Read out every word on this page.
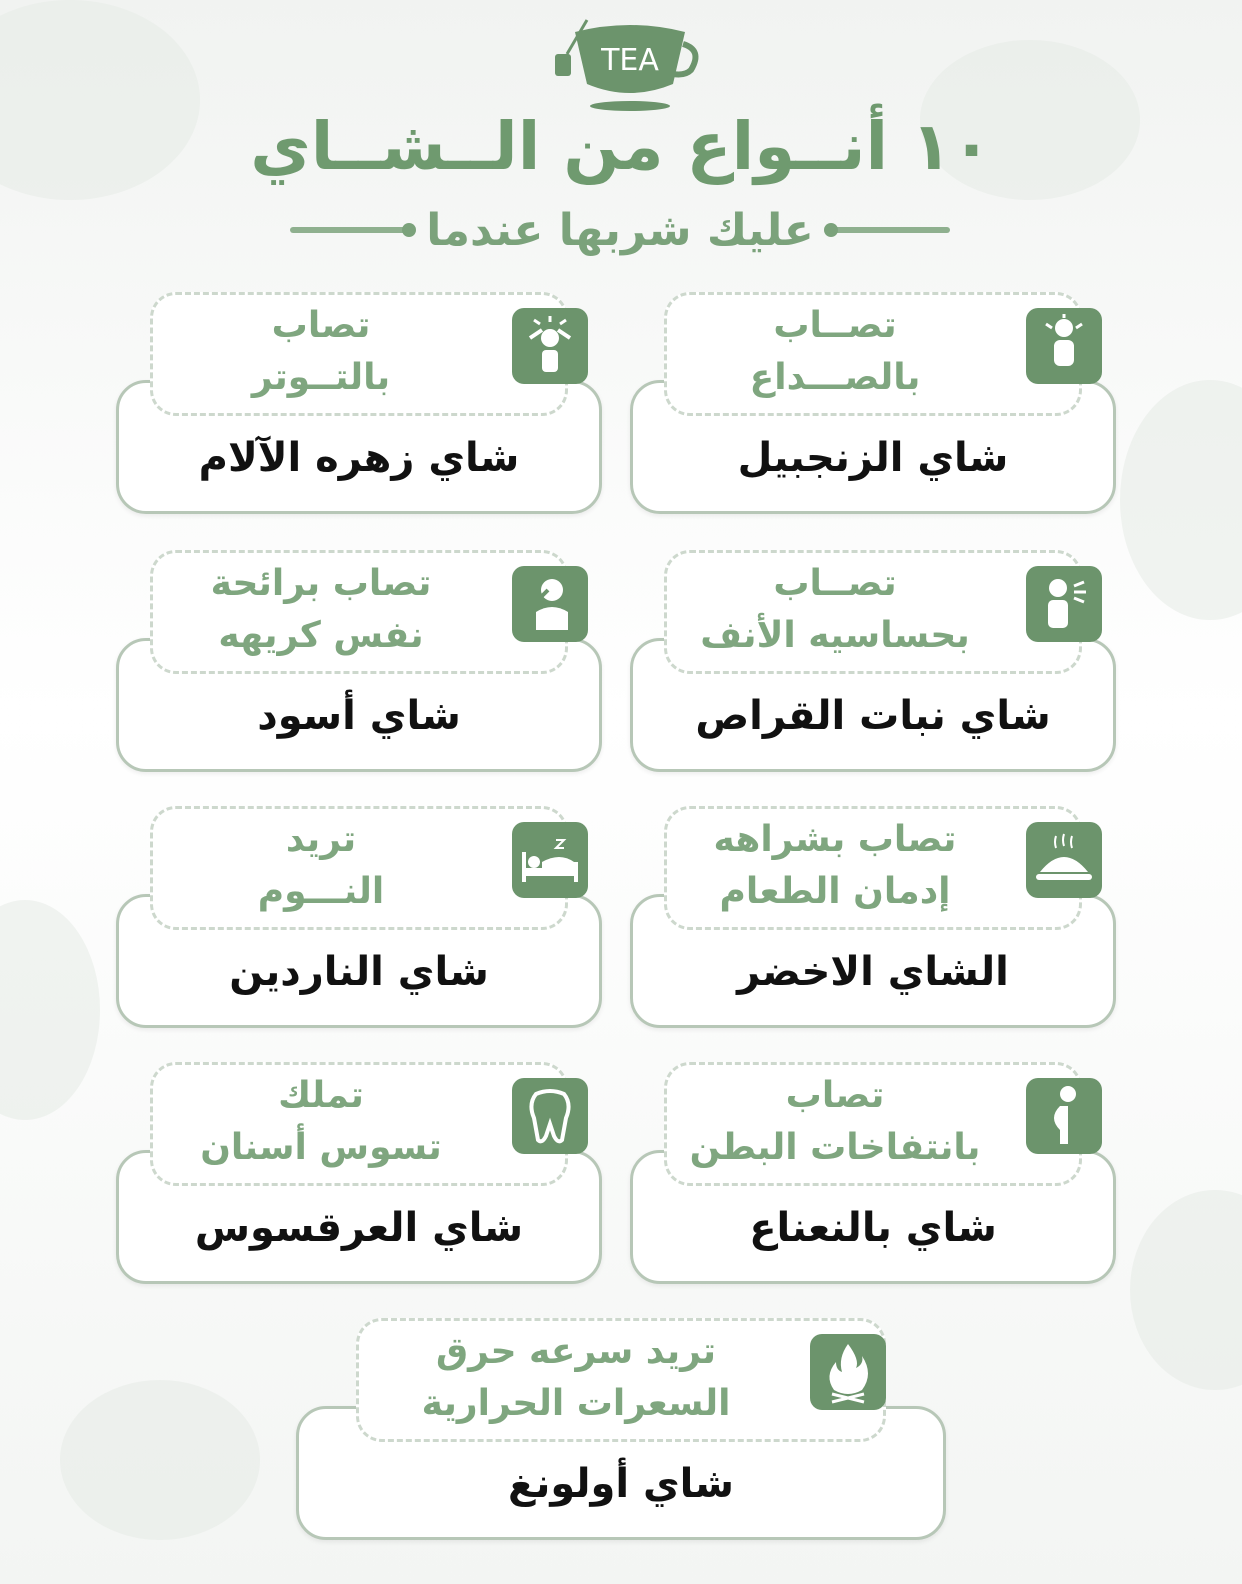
TEA
١٠ أنــواع من الــشــاي
عليك شربها عندما
تصــاب
بالصـــداع
شاي الزنجبيل
تصاب
بالتــوتر
شاي زهره الآلام
تصــاب
بحساسيه الأنف
شاي نبات القراص
تصاب برائحة
نفس كريهه
شاي أسود
تصاب بشراهه
إدمان الطعام
الشاي الاخضر
تريد
النـــوم
شاي الناردين
تصاب
بانتفاخات البطن
شاي بالنعناع
تملك
تسوس أسنان
شاي العرقسوس
تريد سرعه حرق
السعرات الحرارية
شاي أولونغ
